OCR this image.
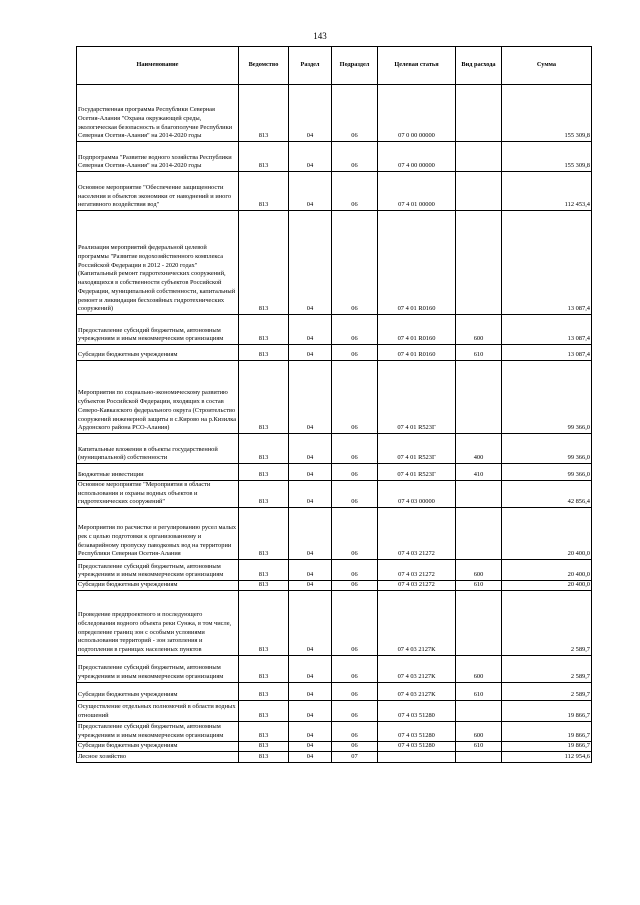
143
Наименование	Ведомство	Раздел	Подраздел	Целевая статья	Вид расхода	Сумма
Государственная программа Республики Северная Осетия-Алания "Охрана окружающей среды, экологическая безопасность и благополучие Республики Северная Осетия-Алания" на 2014-2020 годы	813	04	06	07 0 00 00000		155 309,8
Подпрограмма "Развитие водного хозяйства Республики Северная Осетия-Алания" на 2014-2020 годы	813	04	06	07 4 00 00000		155 309,8
Основное мероприятие "Обеспечение защищенности населения и объектов экономики от наводнений и иного негативного воздействия вод"	813	04	06	07 4 01 00000		112 453,4
Реализация мероприятий федеральной целевой программы "Развитие водохозяйственного комплекса Российской Федерации в 2012 - 2020 годах" (Капитальный ремонт гидротехнических сооружений, находящихся в собственности субъектов Российской Федерации, муниципальной собственности, капитальный ремонт и ликвидация бесхозяйных гидротехнических сооружений)	813	04	06	07 4 01 R0160		13 087,4
Предоставление субсидий бюджетным, автономным учреждениям и иным некоммерческим организациям	813	04	06	07 4 01 R0160	600	13 087,4
Субсидии бюджетным учреждениям	813	04	06	07 4 01 R0160	610	13 087,4
Мероприятия по социально-экономическому развитию субъектов Российской Федерации, входящих в состав Северо-Кавказского федерального округа (Строительство сооружений инженерной защиты в с.Кирово на р.Кизилка Ардонского района РСО-Алания)	813	04	06	07 4 01 R523Г		99 366,0
Капитальные вложения в объекты государственной (муниципальной) собственности	813	04	06	07 4 01 R523Г	400	99 366,0
Бюджетные инвестиции	813	04	06	07 4 01 R523Г	410	99 366,0
Основное мероприятие "Мероприятия в области использования и охраны водных объектов и гидротехнических сооружений"	813	04	06	07 4 03 00000		42 856,4
Мероприятия по расчистке и регулированию русел малых рек с целью подготовки к организованному и безаварийному пропуску паводковых вод на территории Республики Северная Осетия-Алания	813	04	06	07 4 03 21272		20 400,0
Предоставление субсидий бюджетным, автономным учреждениям и иным некоммерческим организациям	813	04	06	07 4 03 21272	600	20 400,0
Субсидии бюджетным учреждениям	813	04	06	07 4 03 21272	610	20 400,0
Проведение предпроектного и последующего обследования водного объекта реки Сунжа, в том числе, определение границ зон с особыми условиями использования территорий - зон затопления и подтопления в границах населенных пунктов	813	04	06	07 4 03 2127К		2 589,7
Предоставление субсидий бюджетным, автономным учреждениям и иным некоммерческим организациям	813	04	06	07 4 03 2127К	600	2 589,7
Субсидии бюджетным учреждениям	813	04	06	07 4 03 2127К	610	2 589,7
Осуществление отдельных полномочий в области водных отношений	813	04	06	07 4 03 51280		19 866,7
Предоставление субсидий бюджетным, автономным учреждениям и иным некоммерческим организациям	813	04	06	07 4 03 51280	600	19 866,7
Субсидии бюджетным учреждениям	813	04	06	07 4 03 51280	610	19 866,7
Лесное хозяйство	813	04	07			112 954,6
